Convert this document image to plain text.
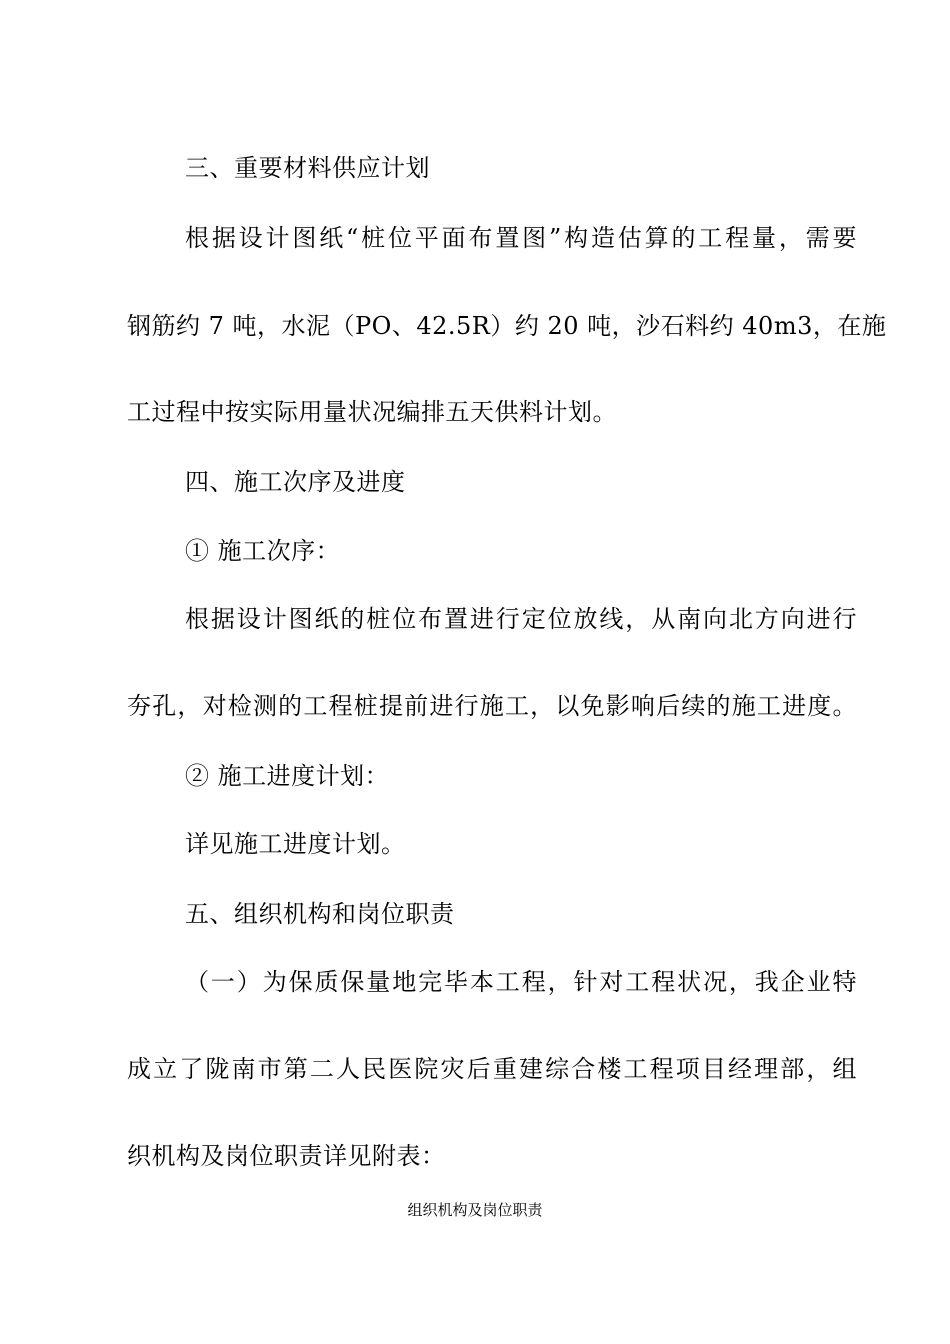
三、重要材料供应计划
根据设计图纸“桩位平面布置图”构造估算的工程量，需要
钢筋约 7 吨，水泥（PO、42.5R）约 20 吨，沙石料约 40m3，在施
工过程中按实际用量状况编排五天供料计划。
四、施工次序及进度
① 施工次序：
根据设计图纸的桩位布置进行定位放线，从南向北方向进行
夯孔，对检测的工程桩提前进行施工，以免影响后续的施工进度。
② 施工进度计划：
详见施工进度计划。
五、组织机构和岗位职责
（一）为保质保量地完毕本工程，针对工程状况，我企业特
成立了陇南市第二人民医院灾后重建综合楼工程项目经理部，组
织机构及岗位职责详见附表：
组织机构及岗位职责
